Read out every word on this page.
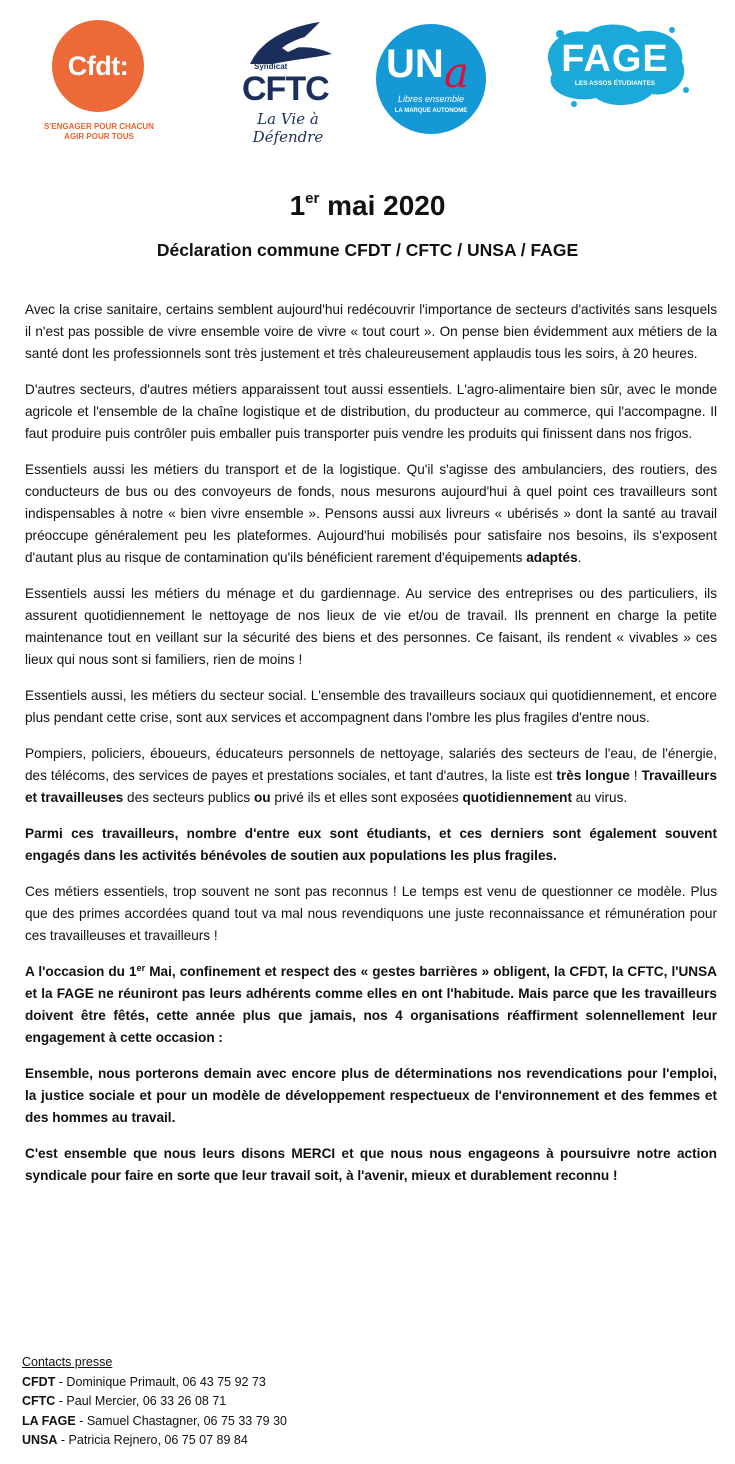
Cfdt:
S'ENGAGER POUR CHACUN
AGIR POUR TOUS
Syndicat
CFTC
La Vie à Défendre
UN a
Libres ensemble
LA MARQUE AUTONOME
FAGE
LES ASSOS ÉTUDIANTES
1er mai 2020
Déclaration commune CFDT / CFTC / UNSA / FAGE

Avec la crise sanitaire, certains semblent aujourd'hui redécouvrir l'importance de secteurs d'activités sans lesquels il n'est pas possible de vivre ensemble voire de vivre « tout court ». On pense bien évidemment aux métiers de la santé dont les professionnels sont très justement et très chaleureusement applaudis tous les soirs, à 20 heures.

D'autres secteurs, d'autres métiers apparaissent tout aussi essentiels. L'agro-alimentaire bien sûr, avec le monde agricole et l'ensemble de la chaîne logistique et de distribution, du producteur au commerce, qui l'accompagne. Il faut produire puis contrôler puis emballer puis transporter puis vendre les produits qui finissent dans nos frigos.

Essentiels aussi les métiers du transport et de la logistique. Qu'il s'agisse des ambulanciers, des routiers, des conducteurs de bus ou des convoyeurs de fonds, nous mesurons aujourd'hui à quel point ces travailleurs sont indispensables à notre « bien vivre ensemble ». Pensons aussi aux livreurs « ubérisés » dont la santé au travail préoccupe généralement peu les plateformes. Aujourd'hui mobilisés pour satisfaire nos besoins, ils s'exposent d'autant plus au risque de contamination qu'ils bénéficient rarement d'équipements adaptés.

Essentiels aussi les métiers du ménage et du gardiennage. Au service des entreprises ou des particuliers, ils assurent quotidiennement le nettoyage de nos lieux de vie et/ou de travail. Ils prennent en charge la petite maintenance tout en veillant sur la sécurité des biens et des personnes. Ce faisant, ils rendent « vivables » ces lieux qui nous sont si familiers, rien de moins !

Essentiels aussi, les métiers du secteur social. L'ensemble des travailleurs sociaux qui quotidiennement, et encore plus pendant cette crise, sont aux services et accompagnent dans l'ombre les plus fragiles d'entre nous.

Pompiers, policiers, éboueurs, éducateurs personnels de nettoyage, salariés des secteurs de l'eau, de l'énergie, des télécoms, des services de payes et prestations sociales, et tant d'autres, la liste est très longue ! Travailleurs et travailleuses des secteurs publics ou privé ils et elles sont exposées quotidiennement au virus.

Parmi ces travailleurs, nombre d'entre eux sont étudiants, et ces derniers sont également souvent engagés dans les activités bénévoles de soutien aux populations les plus fragiles.

Ces métiers essentiels, trop souvent ne sont pas reconnus ! Le temps est venu de questionner ce modèle. Plus que des primes accordées quand tout va mal nous revendiquons une juste reconnaissance et rémunération pour ces travailleuses et travailleurs !

A l'occasion du 1er Mai, confinement et respect des « gestes barrières » obligent, la CFDT, la CFTC, l'UNSA et la FAGE ne réuniront pas leurs adhérents comme elles en ont l'habitude. Mais parce que les travailleurs doivent être fêtés, cette année plus que jamais, nos 4 organisations réaffirment solennellement leur engagement à cette occasion :

Ensemble, nous porterons demain avec encore plus de déterminations nos revendications pour l'emploi, la justice sociale et pour un modèle de développement respectueux de l'environnement et des femmes et des hommes au travail.

C'est ensemble que nous leurs disons MERCI et que nous nous engageons à poursuivre notre action syndicale pour faire en sorte que leur travail soit, à l'avenir, mieux et durablement reconnu !

Contacts presse
CFDT - Dominique Primault, 06 43 75 92 73
CFTC - Paul Mercier, 06 33 26 08 71
LA FAGE - Samuel Chastagner, 06 75 33 79 30
UNSA - Patricia Rejnero, 06 75 07 89 84
